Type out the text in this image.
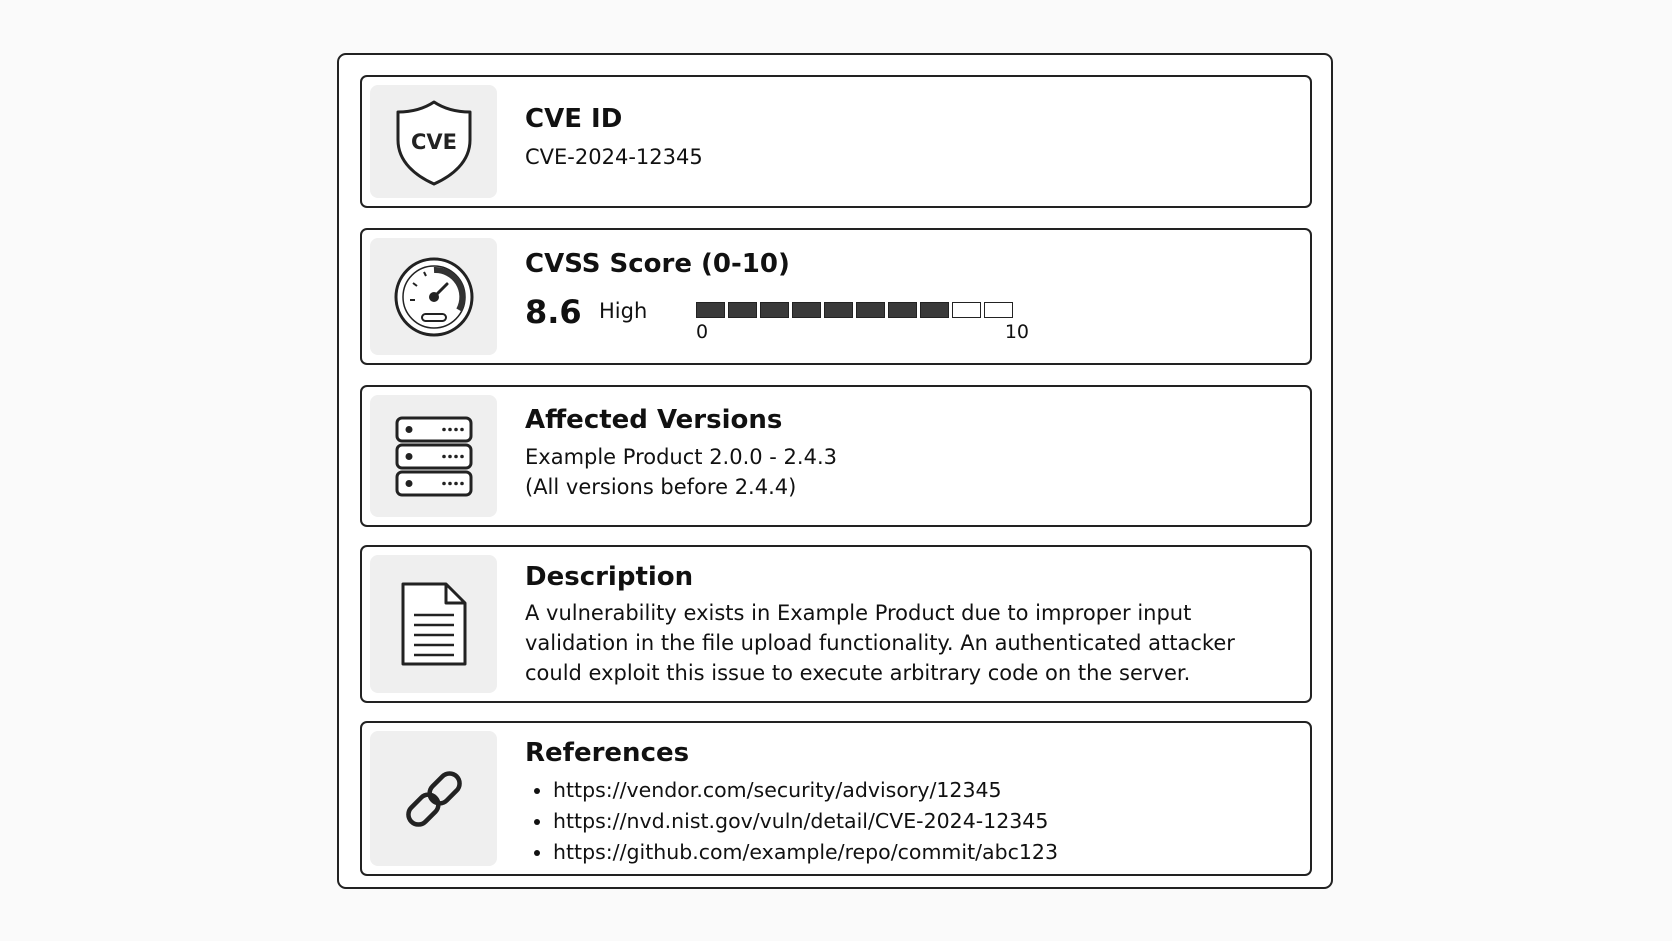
CVE
CVE ID
CVE-2024-12345
CVSS Score (0-10)
8.6 High
0	10
Affected Versions
Example Product 2.0.0 - 2.4.3
(All versions before 2.4.4)
Description
A vulnerability exists in Example Product due to improper input
validation in the file upload functionality. An authenticated attacker
could exploit this issue to execute arbitrary code on the server.
References
• https://vendor.com/security/advisory/12345
• https://nvd.nist.gov/vuln/detail/CVE-2024-12345
• https://github.com/example/repo/commit/abc123
